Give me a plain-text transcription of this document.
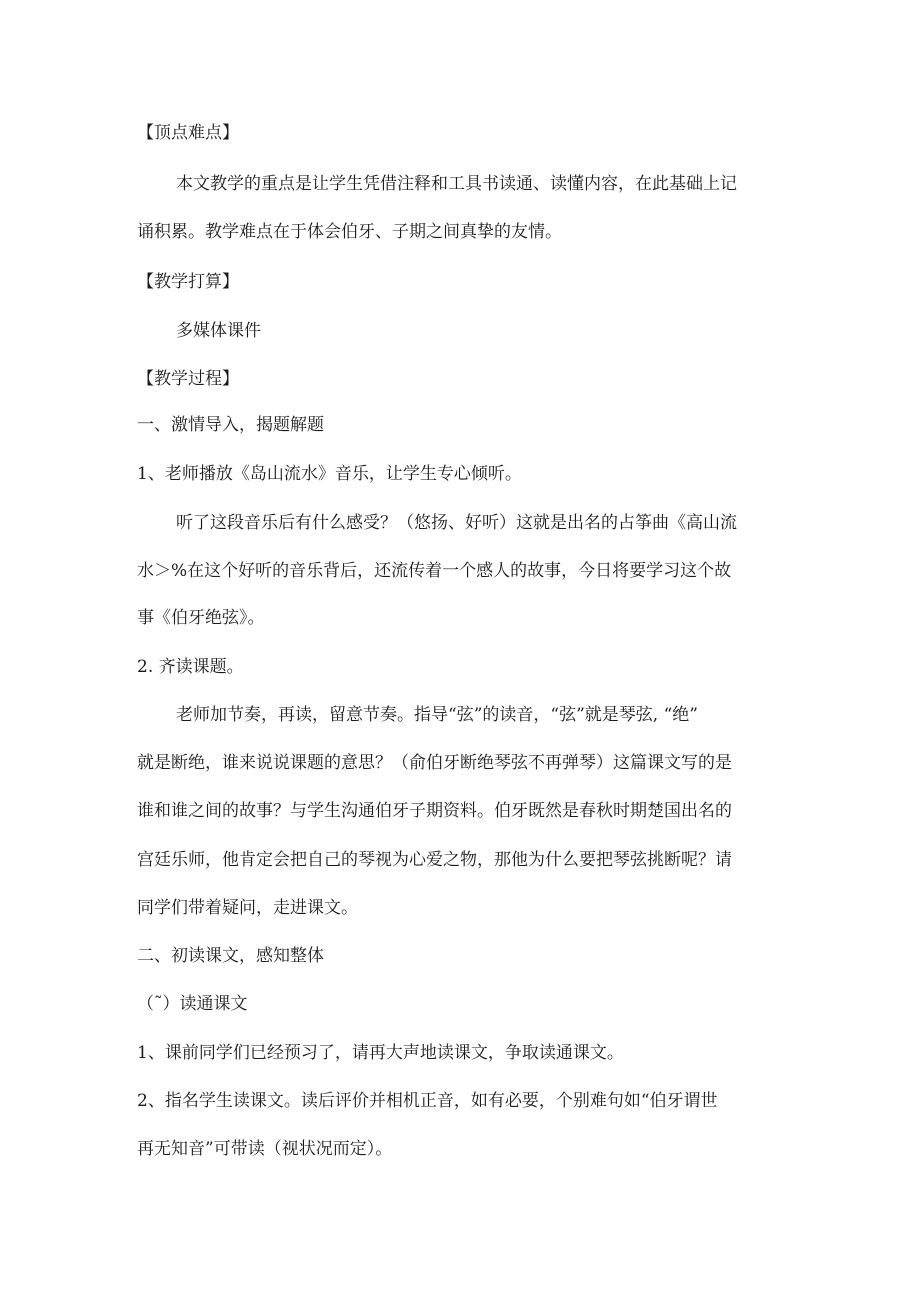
【顶点难点】
本文教学的重点是让学生凭借注释和工具书读通、读懂内容，在此基础上记
诵积累。教学难点在于体会伯牙、子期之间真挚的友情。
【教学打算】
多媒体课件
【教学过程】
一、激情导入，揭题解题
1、老师播放《岛山流水》音乐，让学生专心倾听。
听了这段音乐后有什么感受？（悠扬、好听）这就是出名的占筝曲《高山流
水＞%在这个好听的音乐背后，还流传着一个感人的故事，今日将要学习这个故
事《伯牙绝弦》。
2. 齐读课题。
老师加节奏，再读，留意节奏。指导“弦”的读音，“弦”就是琴弦, “绝”
就是断绝，谁来说说课题的意思？（俞伯牙断绝琴弦不再弹琴）这篇课文写的是
谁和谁之间的故事？与学生沟通伯牙子期资料。伯牙既然是春秋时期楚国出名的
宫廷乐师，他肯定会把自己的琴视为心爱之物，那他为什么要把琴弦挑断呢？请
同学们带着疑问，走进课文。
二、初读课文，感知整体
（˜）读通课文
1、课前同学们已经预习了，请再大声地读课文，争取读通课文。
2、指名学生读课文。读后评价并相机正音，如有必要，个别难句如“伯牙谓世
再无知音”可带读（视状况而定）。
